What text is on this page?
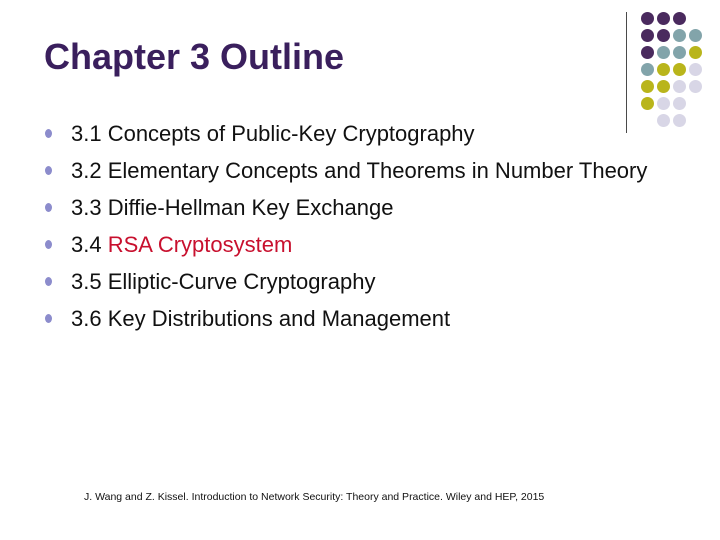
Chapter 3 Outline
3.1 Concepts of Public-Key Cryptography
3.2 Elementary Concepts and Theorems in Number Theory
3.3 Diffie-Hellman Key Exchange
3.4 RSA Cryptosystem
3.5 Elliptic-Curve Cryptography
3.6 Key Distributions and Management
J. Wang and Z. Kissel. Introduction to Network Security: Theory and Practice. Wiley and HEP, 2015
